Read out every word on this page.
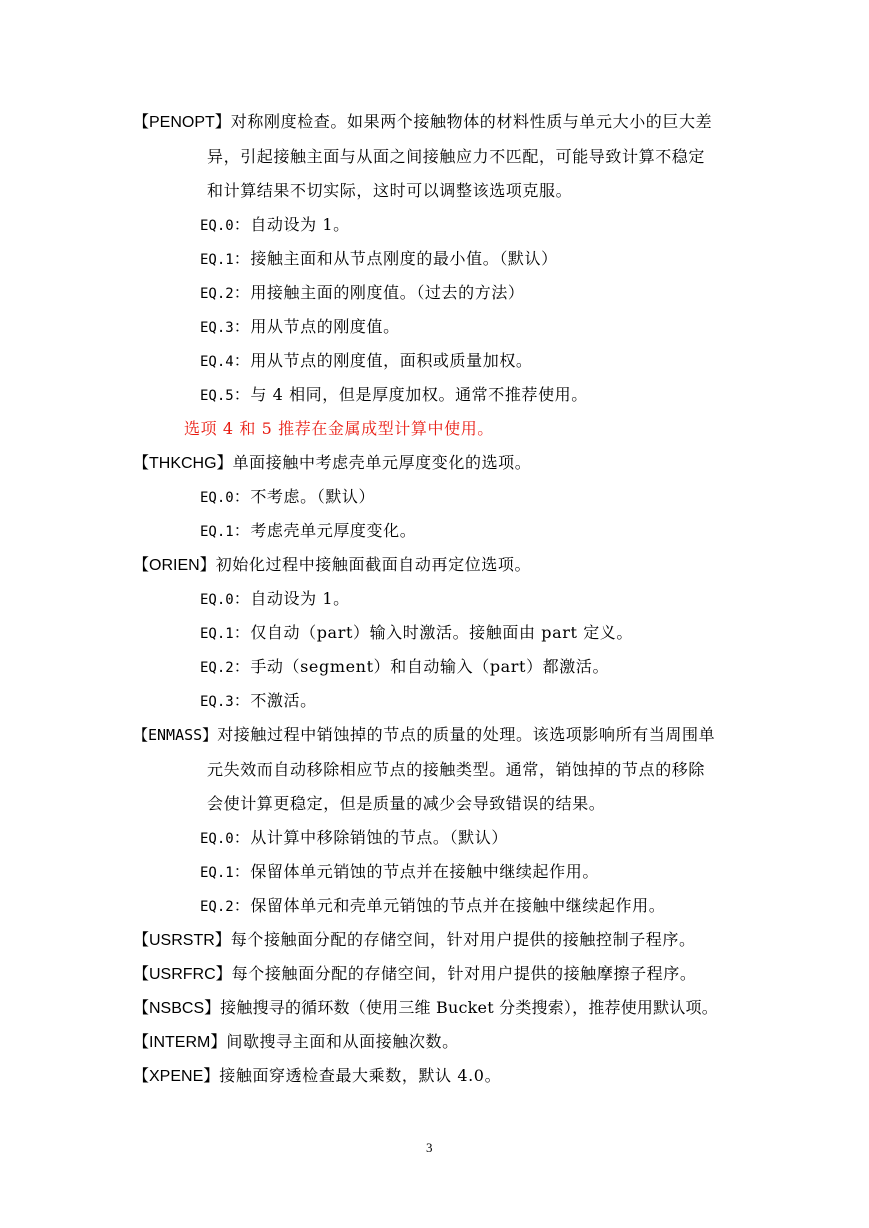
【PENOPT】对称刚度检查。如果两个接触物体的材料性质与单元大小的巨大差
异，引起接触主面与从面之间接触应力不匹配，可能导致计算不稳定
和计算结果不切实际，这时可以调整该选项克服。
EQ.0：自动设为 1。
EQ.1：接触主面和从节点刚度的最小值。（默认）
EQ.2：用接触主面的刚度值。（过去的方法）
EQ.3：用从节点的刚度值。
EQ.4：用从节点的刚度值，面积或质量加权。
EQ.5：与 4 相同，但是厚度加权。通常不推荐使用。
选项 4 和 5 推荐在金属成型计算中使用。
【THKCHG】单面接触中考虑壳单元厚度变化的选项。
EQ.0：不考虑。（默认）
EQ.1：考虑壳单元厚度变化。
【ORIEN】初始化过程中接触面截面自动再定位选项。
EQ.0：自动设为 1。
EQ.1：仅自动（part）输入时激活。接触面由 part 定义。
EQ.2：手动（segment）和自动输入（part）都激活。
EQ.3：不激活。
【ENMASS】对接触过程中销蚀掉的节点的质量的处理。该选项影响所有当周围单
元失效而自动移除相应节点的接触类型。通常，销蚀掉的节点的移除
会使计算更稳定，但是质量的减少会导致错误的结果。
EQ.0：从计算中移除销蚀的节点。（默认）
EQ.1：保留体单元销蚀的节点并在接触中继续起作用。
EQ.2：保留体单元和壳单元销蚀的节点并在接触中继续起作用。
【USRSTR】每个接触面分配的存储空间，针对用户提供的接触控制子程序。
【USRFRC】每个接触面分配的存储空间，针对用户提供的接触摩擦子程序。
【NSBCS】接触搜寻的循环数（使用三维 Bucket 分类搜索），推荐使用默认项。
【INTERM】间歇搜寻主面和从面接触次数。
【XPENE】接触面穿透检查最大乘数，默认 4.0。
3
